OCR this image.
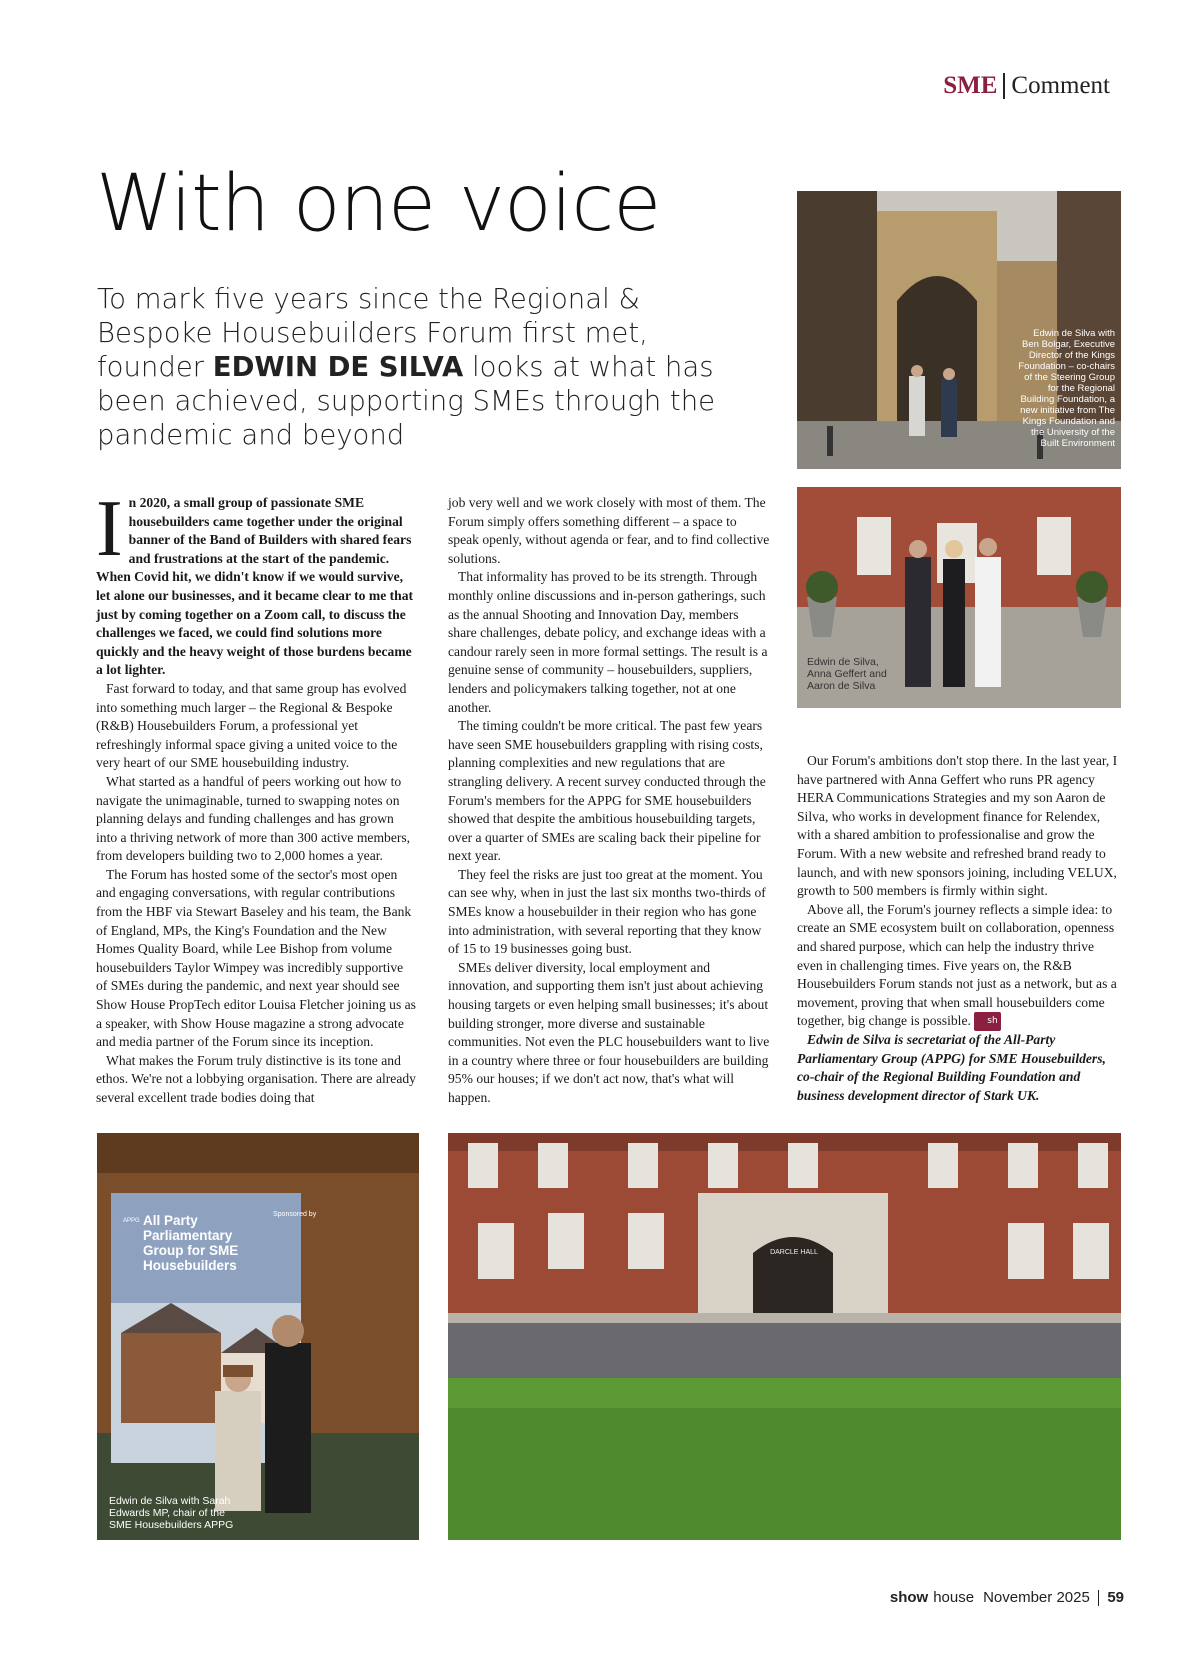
SME Comment
With one voice
To mark five years since the Regional & Bespoke Housebuilders Forum first met, founder EDWIN DE SILVA looks at what has been achieved, supporting SMEs through the pandemic and beyond

In 2020, a small group of passionate SME housebuilders came together under the original banner of the Band of Builders with shared fears and frustrations at the start of the pandemic. When Covid hit, we didn't know if we would survive, let alone our businesses, and it became clear to me that just by coming together on a Zoom call, to discuss the challenges we faced, we could find solutions more quickly and the heavy weight of those burdens became a lot lighter.

Fast forward to today, and that same group has evolved into something much larger – the Regional & Bespoke (R&B) Housebuilders Forum, a professional yet refreshingly informal space giving a united voice to the very heart of our SME housebuilding industry.

What started as a handful of peers working out how to navigate the unimaginable, turned to swapping notes on planning delays and funding challenges and has grown into a thriving network of more than 300 active members, from developers building two to 2,000 homes a year.

The Forum has hosted some of the sector's most open and engaging conversations, with regular contributions from the HBF via Stewart Baseley and his team, the Bank of England, MPs, the King's Foundation and the New Homes Quality Board, while Lee Bishop from volume housebuilders Taylor Wimpey was incredibly supportive of SMEs during the pandemic, and next year should see Show House PropTech editor Louisa Fletcher joining us as a speaker, with Show House magazine a strong advocate and media partner of the Forum since its inception.

What makes the Forum truly distinctive is its tone and ethos. We're not a lobbying organisation. There are already several excellent trade bodies doing that

job very well and we work closely with most of them. The Forum simply offers something different – a space to speak openly, without agenda or fear, and to find collective solutions.

That informality has proved to be its strength. Through monthly online discussions and in-person gatherings, such as the annual Shooting and Innovation Day, members share challenges, debate policy, and exchange ideas with a candour rarely seen in more formal settings. The result is a genuine sense of community – housebuilders, suppliers, lenders and policymakers talking together, not at one another.

The timing couldn't be more critical. The past few years have seen SME housebuilders grappling with rising costs, planning complexities and new regulations that are strangling delivery. A recent survey conducted through the Forum's members for the APPG for SME housebuilders showed that despite the ambitious housebuilding targets, over a quarter of SMEs are scaling back their pipeline for next year.

They feel the risks are just too great at the moment. You can see why, when in just the last six months two-thirds of SMEs know a housebuilder in their region who has gone into administration, with several reporting that they know of 15 to 19 businesses going bust.

SMEs deliver diversity, local employment and innovation, and supporting them isn't just about achieving housing targets or even helping small businesses; it's about building stronger, more diverse and sustainable communities. Not even the PLC housebuilders want to live in a country where three or four housebuilders are building 95% our houses; if we don't act now, that's what will happen.

Our Forum's ambitions don't stop there. In the last year, I have partnered with Anna Geffert who runs PR agency HERA Communications Strategies and my son Aaron de Silva, who works in development finance for Relendex, with a shared ambition to professionalise and grow the Forum. With a new website and refreshed brand ready to launch, and with new sponsors joining, including VELUX, growth to 500 members is firmly within sight.

Above all, the Forum's journey reflects a simple idea: to create an SME ecosystem built on collaboration, openness and shared purpose, which can help the industry thrive even in challenging times. Five years on, the R&B Housebuilders Forum stands not just as a network, but as a movement, proving that when small housebuilders come together, big change is possible. sh

Edwin de Silva is secretariat of the All-Party Parliamentary Group (APPG) for SME Housebuilders, co-chair of the Regional Building Foundation and business development director of Stark UK.

Edwin de Silva with Ben Bolgar, Executive Director of the Kings Foundation – co-chairs of the Steering Group for the Regional Building Foundation, a new initiative from The Kings Foundation and the University of the Built Environment
Edwin de Silva, Anna Geffert and Aaron de Silva
All Party Parliamentary Group for SME Housebuilders
APPG
Sponsored by
Edwin de Silva with Sarah Edwards MP, chair of the SME Housebuilders APPG
DARCLE HALL
show house November 2025 59
